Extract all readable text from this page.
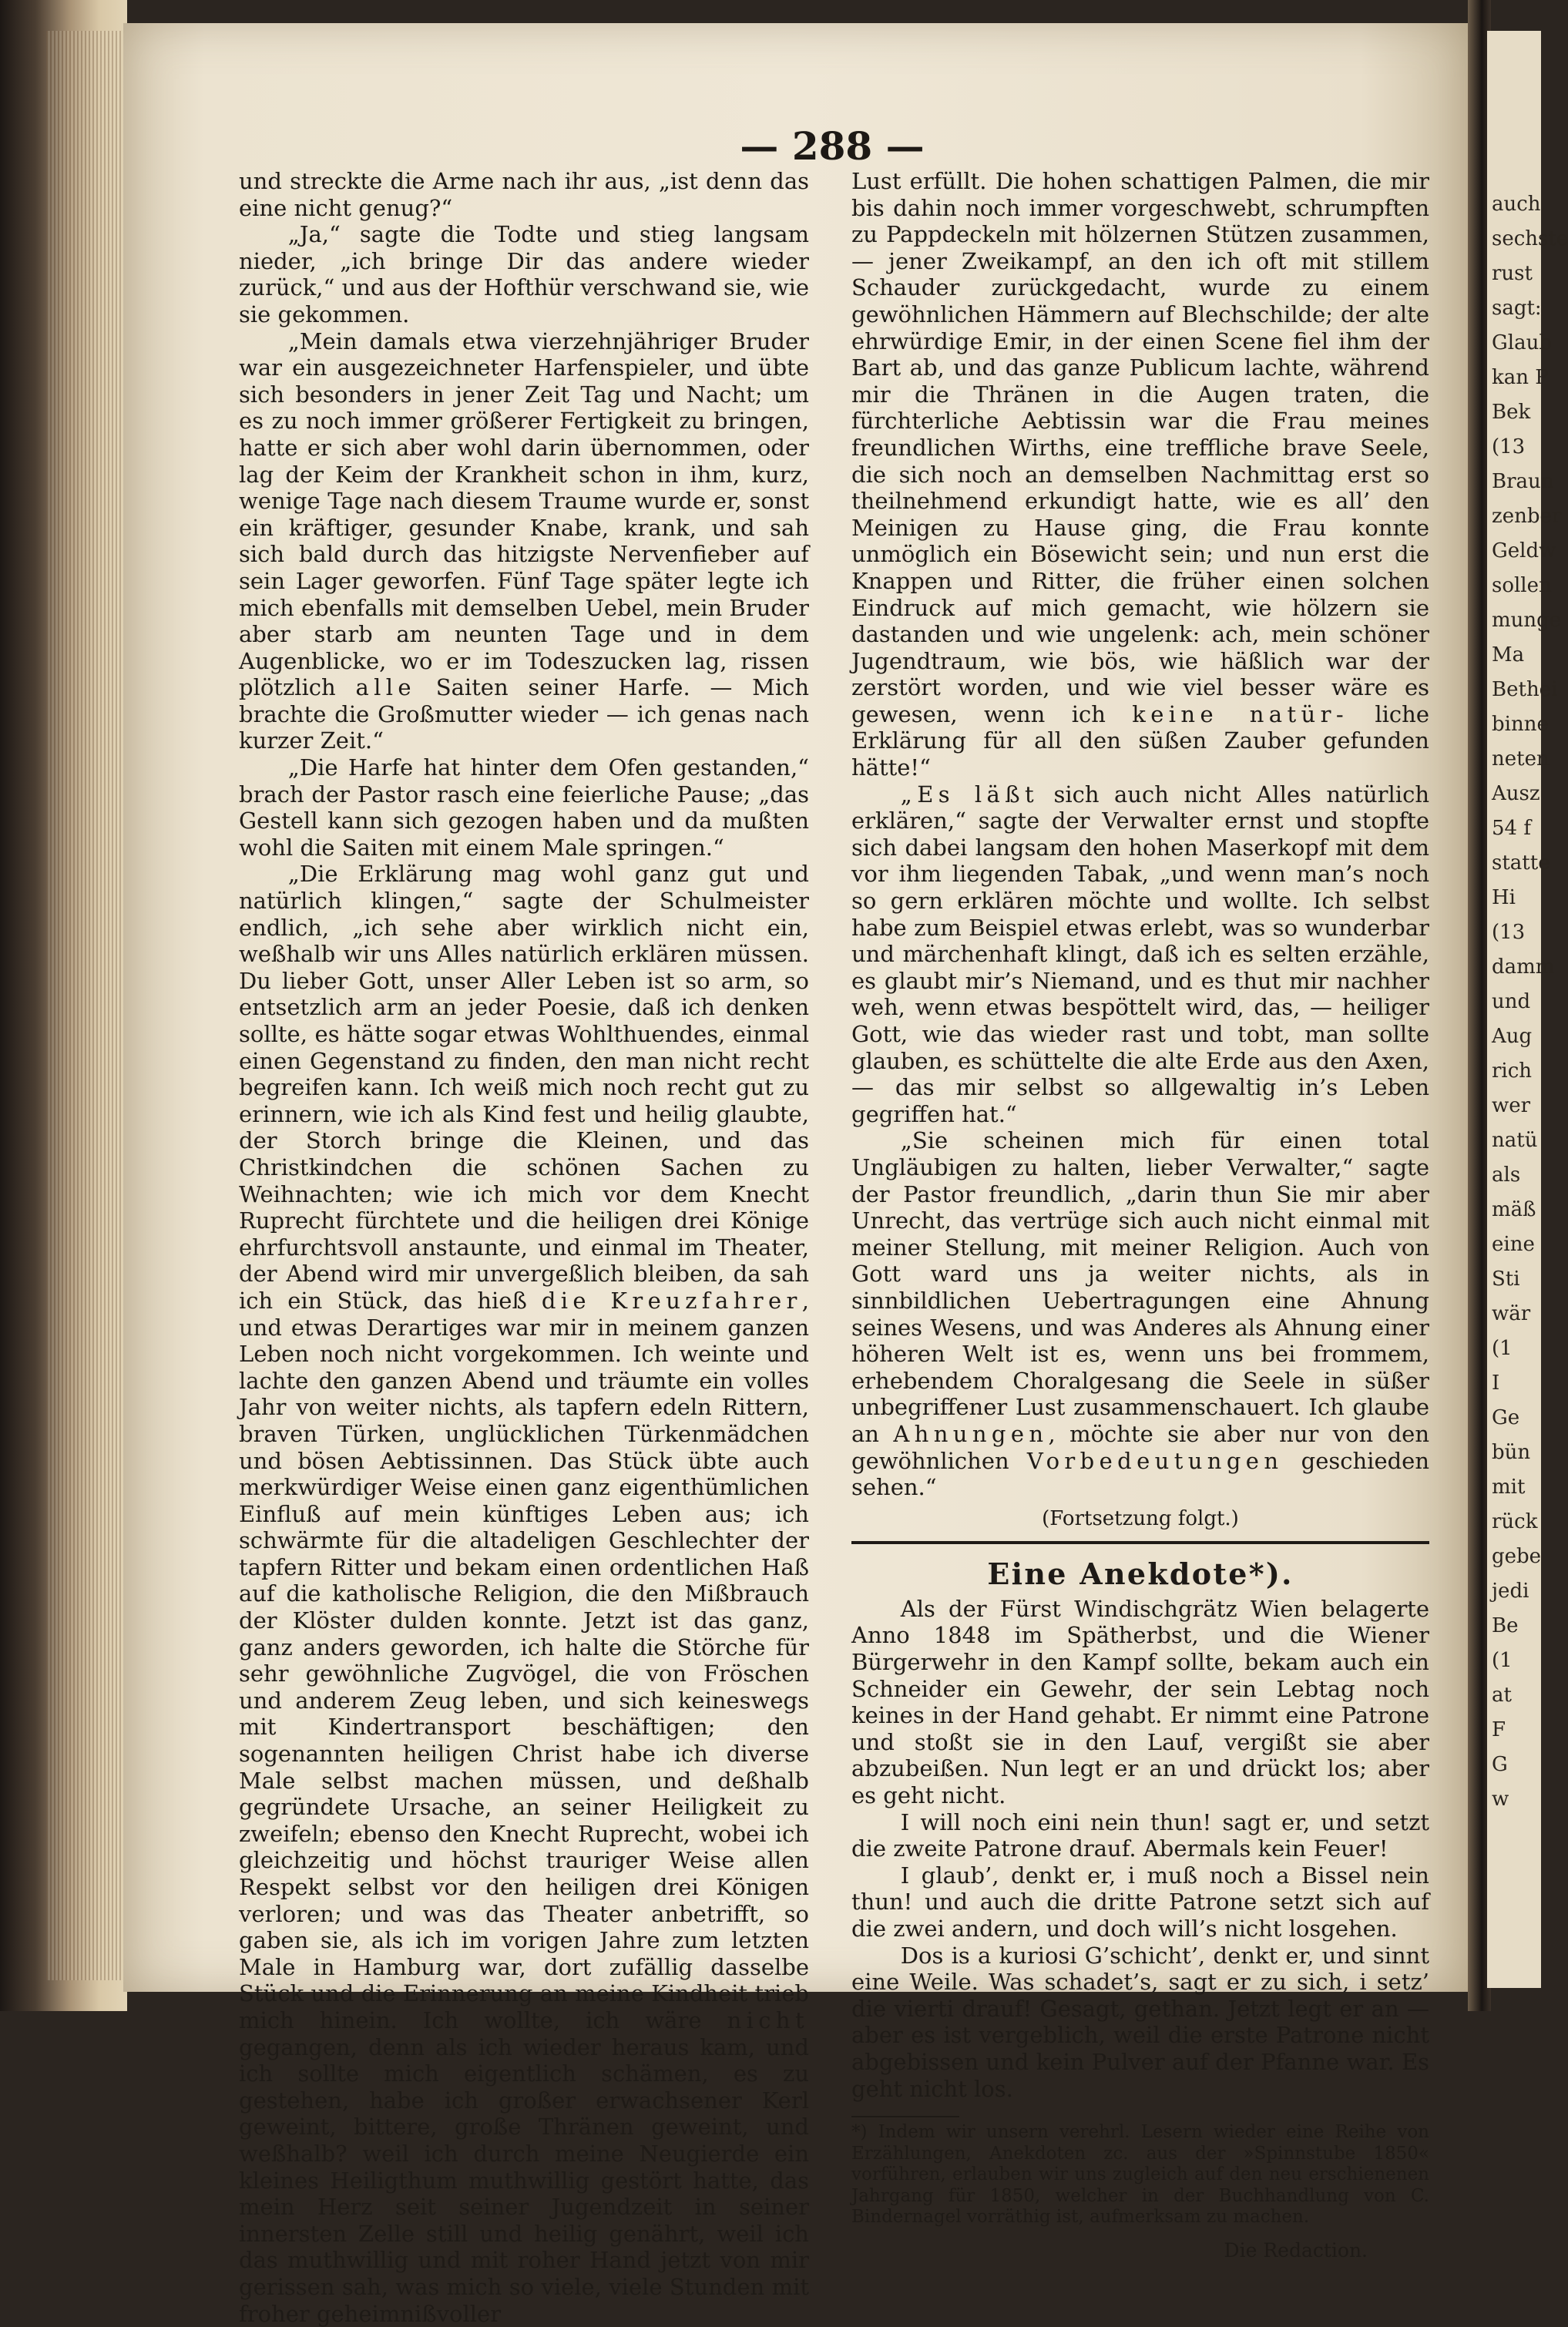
auch
sechste
rust
sagt:
Glaub
kan P
Bek
(13
Braun
zenber
Geldw
sollen
munge
Ma
Bethei
binne
neten
Ausz
54 f
statte
Hi
(13
damm
und
Aug
rich
wer
natü
als
mäß
eine
Sti
wär
(1
I
Ge
bün
mit
rück
gebe
jedi
Be
(1
at
F
G
w
— 288 —

und streckte die Arme nach ihr aus, „ist denn das eine nicht genug?“

„Ja,“ sagte die Todte und stieg langsam nieder, „ich bringe Dir das andere wieder zurück,“ und aus der Hofthür verschwand sie, wie sie gekommen.

„Mein damals etwa vierzehnjähriger Bruder war ein ausgezeichneter Harfenspieler, und übte sich besonders in jener Zeit Tag und Nacht; um es zu noch immer größerer Fertigkeit zu bringen, hatte er sich aber wohl darin übernommen, oder lag der Keim der Krankheit schon in ihm, kurz, wenige Tage nach diesem Traume wurde er, sonst ein kräftiger, gesunder Knabe, krank, und sah sich bald durch das hitzigste Nervenfieber auf sein Lager geworfen. Fünf Tage später legte ich mich ebenfalls mit demselben Uebel, mein Bruder aber starb am neunten Tage und in dem Augenblicke, wo er im Todeszucken lag, rissen plötzlich alle Saiten seiner Harfe. — Mich brachte die Großmutter wieder — ich genas nach kurzer Zeit.“

„Die Harfe hat hinter dem Ofen gestanden,“ brach der Pastor rasch eine feierliche Pause; „das Gestell kann sich gezogen haben und da mußten wohl die Saiten mit einem Male springen.“

„Die Erklärung mag wohl ganz gut und natürlich klingen,“ sagte der Schulmeister endlich, „ich sehe aber wirklich nicht ein, weßhalb wir uns Alles natürlich erklären müssen. Du lieber Gott, unser Aller Leben ist so arm, so entsetzlich arm an jeder Poesie, daß ich denken sollte, es hätte sogar etwas Wohlthuendes, einmal einen Gegenstand zu finden, den man nicht recht begreifen kann. Ich weiß mich noch recht gut zu erinnern, wie ich als Kind fest und heilig glaubte, der Storch bringe die Kleinen, und das Christkindchen die schönen Sachen zu Weihnachten; wie ich mich vor dem Knecht Ruprecht fürchtete und die heiligen drei Könige ehrfurchtsvoll anstaunte, und einmal im Theater, der Abend wird mir unvergeßlich bleiben, da sah ich ein Stück, das hieß die Kreuzfahrer, und etwas Derartiges war mir in meinem ganzen Leben noch nicht vorgekommen. Ich weinte und lachte den ganzen Abend und träumte ein volles Jahr von weiter nichts, als tapfern edeln Rittern, braven Türken, unglücklichen Türkenmädchen und bösen Aebtissinnen. Das Stück übte auch merkwürdiger Weise einen ganz eigenthümlichen Einfluß auf mein künftiges Leben aus; ich schwärmte für die altadeligen Geschlechter der tapfern Ritter und bekam einen ordentlichen Haß auf die katholische Religion, die den Mißbrauch der Klöster dulden konnte. Jetzt ist das ganz, ganz anders geworden, ich halte die Störche für sehr gewöhnliche Zugvögel, die von Fröschen und anderem Zeug leben, und sich keineswegs mit Kindertransport beschäftigen; den sogenannten heiligen Christ habe ich diverse Male selbst machen müssen, und deßhalb gegründete Ursache, an seiner Heiligkeit zu zweifeln; ebenso den Knecht Ruprecht, wobei ich gleichzeitig und höchst trauriger Weise allen Respekt selbst vor den heiligen drei Königen verloren; und was das Theater anbetrifft, so gaben sie, als ich im vorigen Jahre zum letzten Male in Hamburg war, dort zufällig dasselbe Stück und die Erinnerung an meine Kindheit trieb mich hinein. Ich wollte, ich wäre nicht gegangen, denn als ich wieder heraus kam, und ich sollte mich eigentlich schämen, es zu gestehen, habe ich großer erwachsener Kerl geweint, bittere, große Thränen geweint, und weßhalb? weil ich durch meine Neugierde ein kleines Heiligthum muthwillig gestört hatte, das mein Herz seit seiner Jugendzeit in seiner innersten Zelle still und heilig genährt, weil ich das muthwillig und mit roher Hand jetzt von mir gerissen sah, was mich so viele, viele Stunden mit froher geheimnißvoller

Lust erfüllt. Die hohen schattigen Palmen, die mir bis dahin noch immer vorgeschwebt, schrumpften zu Pappdeckeln mit hölzernen Stützen zusammen, — jener Zweikampf, an den ich oft mit stillem Schauder zurückgedacht, wurde zu einem gewöhnlichen Hämmern auf Blechschilde; der alte ehrwürdige Emir, in der einen Scene fiel ihm der Bart ab, und das ganze Publicum lachte, während mir die Thränen in die Augen traten, die fürchterliche Aebtissin war die Frau meines freundlichen Wirths, eine treffliche brave Seele, die sich noch an demselben Nachmittag erst so theilnehmend erkundigt hatte, wie es all’ den Meinigen zu Hause ging, die Frau konnte unmöglich ein Bösewicht sein; und nun erst die Knappen und Ritter, die früher einen solchen Eindruck auf mich gemacht, wie hölzern sie dastanden und wie ungelenk: ach, mein schöner Jugendtraum, wie bös, wie häßlich war der zerstört worden, und wie viel besser wäre es gewesen, wenn ich keine natür- liche Erklärung für all den süßen Zauber gefunden hätte!“

„Es läßt sich auch nicht Alles natürlich erklären,“ sagte der Verwalter ernst und stopfte sich dabei langsam den hohen Maserkopf mit dem vor ihm liegenden Tabak, „und wenn man’s noch so gern erklären möchte und wollte. Ich selbst habe zum Beispiel etwas erlebt, was so wunderbar und märchenhaft klingt, daß ich es selten erzähle, es glaubt mir’s Niemand, und es thut mir nachher weh, wenn etwas bespöttelt wird, das, — heiliger Gott, wie das wieder rast und tobt, man sollte glauben, es schüttelte die alte Erde aus den Axen, — das mir selbst so allgewaltig in’s Leben gegriffen hat.“

„Sie scheinen mich für einen total Ungläubigen zu halten, lieber Verwalter,“ sagte der Pastor freundlich, „darin thun Sie mir aber Unrecht, das vertrüge sich auch nicht einmal mit meiner Stellung, mit meiner Religion. Auch von Gott ward uns ja weiter nichts, als in sinnbildlichen Uebertragungen eine Ahnung seines Wesens, und was Anderes als Ahnung einer höheren Welt ist es, wenn uns bei frommem, erhebendem Choralgesang die Seele in süßer unbegriffener Lust zusammenschauert. Ich glaube an Ahnungen, möchte sie aber nur von den gewöhnlichen Vorbedeutungen geschieden sehen.“

(Fortsetzung folgt.)

Eine Anekdote*).

Als der Fürst Windischgrätz Wien belagerte Anno 1848 im Spätherbst, und die Wiener Bürgerwehr in den Kampf sollte, bekam auch ein Schneider ein Gewehr, der sein Lebtag noch keines in der Hand gehabt. Er nimmt eine Patrone und stoßt sie in den Lauf, vergißt sie aber abzubeißen. Nun legt er an und drückt los; aber es geht nicht.

I will noch eini nein thun! sagt er, und setzt die zweite Patrone drauf. Abermals kein Feuer!

I glaub’, denkt er, i muß noch a Bissel nein thun! und auch die dritte Patrone setzt sich auf die zwei andern, und doch will’s nicht losgehen.

Dos is a kuriosi G’schicht’, denkt er, und sinnt eine Weile. Was schadet’s, sagt er zu sich, i setz’ die vierti drauf! Gesagt, gethan. Jetzt legt er an — aber es ist vergeblich, weil die erste Patrone nicht abgebissen und kein Pulver auf der Pfanne war. Es geht nicht los.

*) Indem wir unsern verehrl. Lesern wieder eine Reihe von Erzählungen, Anekdoten zc. aus der »Spinnstube 1850« vorführen, erlauben wir uns zugleich auf den neu erschienenen Jahrgang für 1850, welcher in der Buchhandlung von C. Bindernagel vorräthig ist, aufmerksam zu machen.

Die Redaction.
